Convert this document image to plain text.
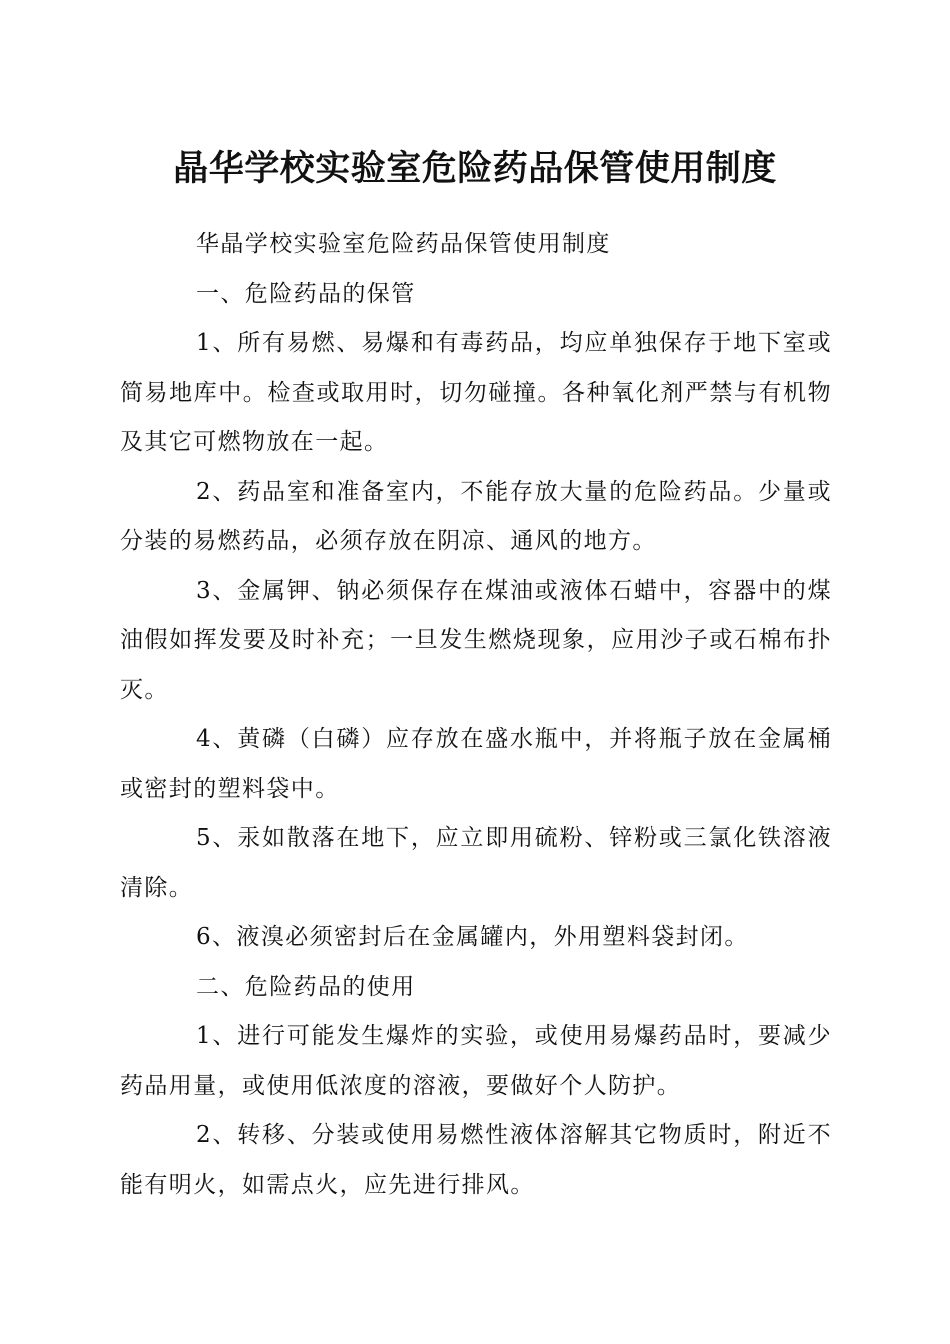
晶华学校实验室危险药品保管使用制度

华晶学校实验室危险药品保管使用制度

一、危险药品的保管

1、所有易燃、易爆和有毒药品，均应单独保存于地下室或简易地库中。检查或取用时，切勿碰撞。各种氧化剂严禁与有机物及其它可燃物放在一起。

2、药品室和准备室内，不能存放大量的危险药品。少量或分装的易燃药品，必须存放在阴凉、通风的地方。

3、金属钾、钠必须保存在煤油或液体石蜡中，容器中的煤油假如挥发要及时补充；一旦发生燃烧现象，应用沙子或石棉布扑灭。

4、黄磷（白磷）应存放在盛水瓶中，并将瓶子放在金属桶或密封的塑料袋中。

5、汞如散落在地下，应立即用硫粉、锌粉或三氯化铁溶液清除。

6、液溴必须密封后在金属罐内，外用塑料袋封闭。

二、危险药品的使用

1、进行可能发生爆炸的实验，或使用易爆药品时，要减少药品用量，或使用低浓度的溶液，要做好个人防护。

2、转移、分装或使用易燃性液体溶解其它物质时，附近不能有明火，如需点火，应先进行排风。
